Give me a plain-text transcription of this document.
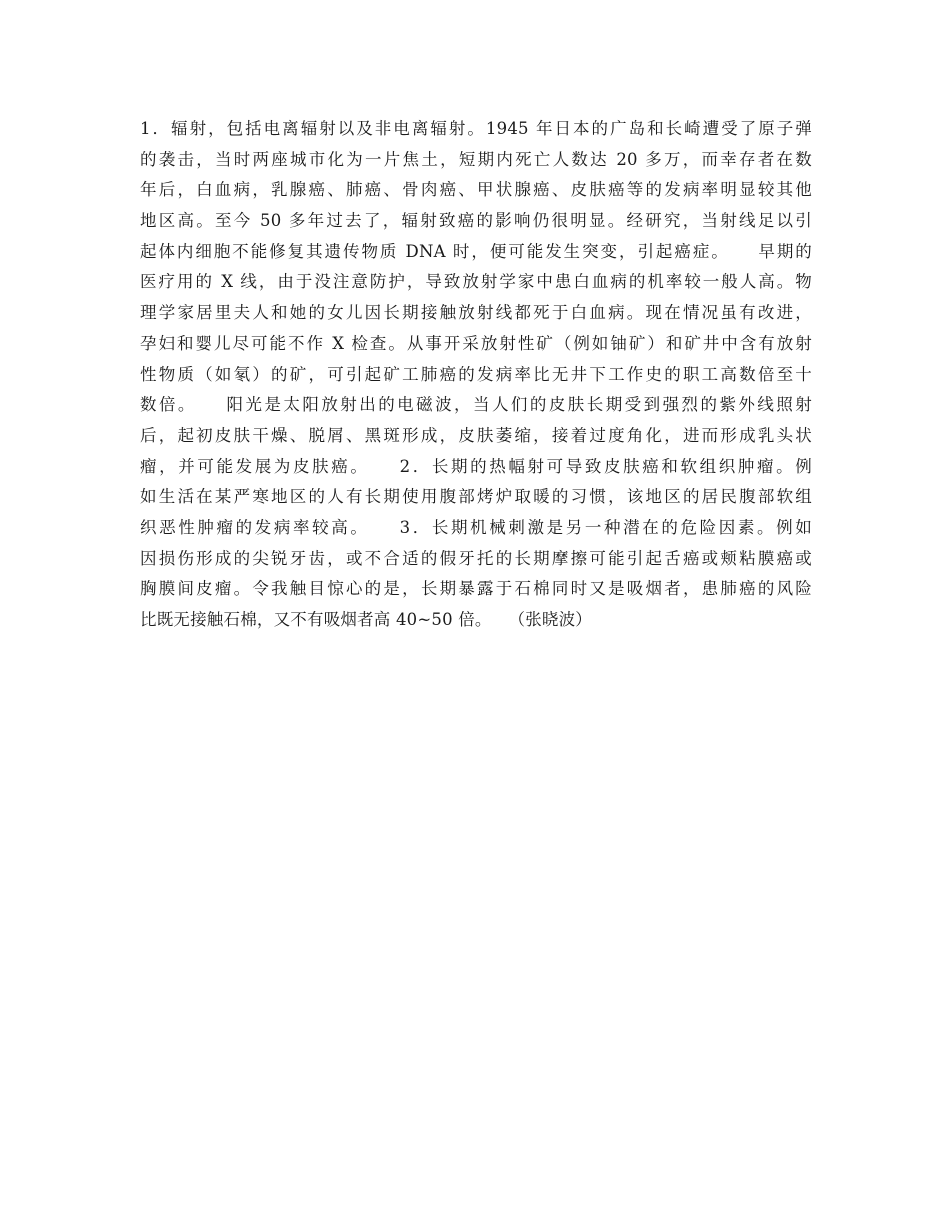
1．辐射，包括电离辐射以及非电离辐射。1945 年日本的广岛和长崎遭受了原子弹
的袭击，当时两座城市化为一片焦土，短期内死亡人数达 20 多万，而幸存者在数
年后，白血病，乳腺癌、肺癌、骨肉癌、甲状腺癌、皮肤癌等的发病率明显较其他
地区高。至今 50 多年过去了，辐射致癌的影响仍很明显。经研究，当射线足以引
起体内细胞不能修复其遗传物质 DNA 时，便可能发生突变，引起癌症。　　早期的
医疗用的 X 线，由于没注意防护，导致放射学家中患白血病的机率较一般人高。物
理学家居里夫人和她的女儿因长期接触放射线都死于白血病。现在情况虽有改进，
孕妇和婴儿尽可能不作 X 检查。从事开采放射性矿（例如铀矿）和矿井中含有放射
性物质（如氡）的矿，可引起矿工肺癌的发病率比无井下工作史的职工高数倍至十
数倍。　　阳光是太阳放射出的电磁波，当人们的皮肤长期受到强烈的紫外线照射
后，起初皮肤干燥、脱屑、黑斑形成，皮肤萎缩，接着过度角化，进而形成乳头状
瘤，并可能发展为皮肤癌。　　2．长期的热幅射可导致皮肤癌和软组织肿瘤。例
如生活在某严寒地区的人有长期使用腹部烤炉取暖的习惯，该地区的居民腹部软组
织恶性肿瘤的发病率较高。　　3．长期机械刺激是另一种潜在的危险因素。例如
因损伤形成的尖锐牙齿，或不合适的假牙托的长期摩擦可能引起舌癌或颊粘膜癌或
胸膜间皮瘤。令我触目惊心的是，长期暴露于石棉同时又是吸烟者，患肺癌的风险
比既无接触石棉，又不有吸烟者高 40~50 倍。　　（张晓波）
